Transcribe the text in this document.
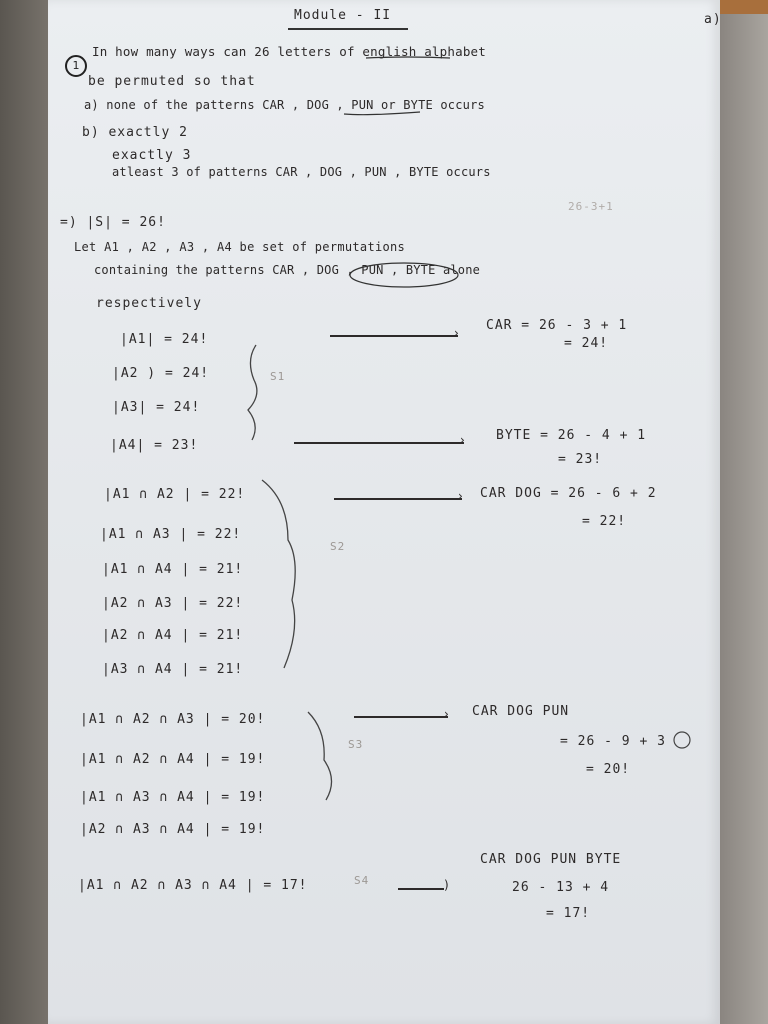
Module - II	a)
1
In how many ways can 26 letters of english alphabet
be permuted so that
a) none of the patterns CAR , DOG , PUN or BYTE occurs
b) exactly 2
exactly 3
atleast 3 of patterns CAR , DOG , PUN , BYTE occurs
=) |S| = 26!
26-3+1
Let A1 , A2 , A3 , A4 be set of permutations
containing the patterns CAR , DOG , PUN , BYTE alone
respectively
|A1| = 24!
|A2 ) = 24!
|A3| = 24!
|A4| = 23!
S1
› CAR = 26 - 3 + 1
= 24!
› BYTE = 26 - 4 + 1
= 23!
|A1 ∩ A2 | = 22!
|A1 ∩ A3 | = 22!
|A1 ∩ A4 | = 21!
|A2 ∩ A3 | = 22!
|A2 ∩ A4 | = 21!
|A3 ∩ A4 | = 21!
S2
› CAR DOG = 26 - 6 + 2
= 22!
|A1 ∩ A2 ∩ A3 | = 20!
|A1 ∩ A2 ∩ A4 | = 19!
|A1 ∩ A3 ∩ A4 | = 19!
|A2 ∩ A3 ∩ A4 | = 19!
S3
› CAR DOG PUN
= 26 - 9 + 3
= 20!
|A1 ∩ A2 ∩ A3 ∩ A4 | = 17!	S4	)
CAR DOG PUN BYTE
26 - 13 + 4
= 17!
